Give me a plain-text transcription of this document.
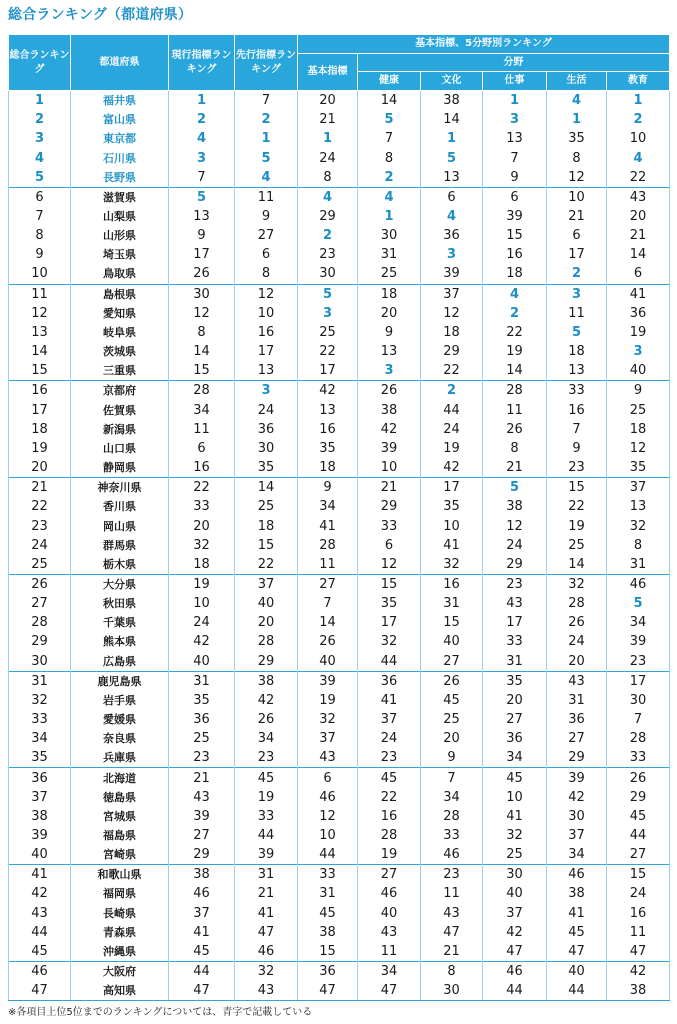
総合ランキング（都道府県）
総合ランキング	都道府県	現行指標ランキング	先行指標ランキング	基本指標、5分野別ランキング					
				基本指標	分野				
					健康	文化	仕事	生活	教育
1	福井県	1	7	20	14	38	1	4	1
2	富山県	2	2	21	5	14	3	1	2
3	東京都	4	1	1	7	1	13	35	10
4	石川県	3	5	24	8	5	7	8	4
5	長野県	7	4	8	2	13	9	12	22
6	滋賀県	5	11	4	4	6	6	10	43
7	山梨県	13	9	29	1	4	39	21	20
8	山形県	9	27	2	30	36	15	6	21
9	埼玉県	17	6	23	31	3	16	17	14
10	鳥取県	26	8	30	25	39	18	2	6
11	島根県	30	12	5	18	37	4	3	41
12	愛知県	12	10	3	20	12	2	11	36
13	岐阜県	8	16	25	9	18	22	5	19
14	茨城県	14	17	22	13	29	19	18	3
15	三重県	15	13	17	3	22	14	13	40
16	京都府	28	3	42	26	2	28	33	9
17	佐賀県	34	24	13	38	44	11	16	25
18	新潟県	11	36	16	42	24	26	7	18
19	山口県	6	30	35	39	19	8	9	12
20	静岡県	16	35	18	10	42	21	23	35
21	神奈川県	22	14	9	21	17	5	15	37
22	香川県	33	25	34	29	35	38	22	13
23	岡山県	20	18	41	33	10	12	19	32
24	群馬県	32	15	28	6	41	24	25	8
25	栃木県	18	22	11	12	32	29	14	31
26	大分県	19	37	27	15	16	23	32	46
27	秋田県	10	40	7	35	31	43	28	5
28	千葉県	24	20	14	17	15	17	26	34
29	熊本県	42	28	26	32	40	33	24	39
30	広島県	40	29	40	44	27	31	20	23
31	鹿児島県	31	38	39	36	26	35	43	17
32	岩手県	35	42	19	41	45	20	31	30
33	愛媛県	36	26	32	37	25	27	36	7
34	奈良県	25	34	37	24	20	36	27	28
35	兵庫県	23	23	43	23	9	34	29	33
36	北海道	21	45	6	45	7	45	39	26
37	徳島県	43	19	46	22	34	10	42	29
38	宮城県	39	33	12	16	28	41	30	45
39	福島県	27	44	10	28	33	32	37	44
40	宮崎県	29	39	44	19	46	25	34	27
41	和歌山県	38	31	33	27	23	30	46	15
42	福岡県	46	21	31	46	11	40	38	24
43	長崎県	37	41	45	40	43	37	41	16
44	青森県	41	47	38	43	47	42	45	11
45	沖縄県	45	46	15	11	21	47	47	47
46	大阪府	44	32	36	34	8	46	40	42
47	高知県	47	43	47	47	30	44	44	38
※各項目上位5位までのランキングについては、青字で記載している
